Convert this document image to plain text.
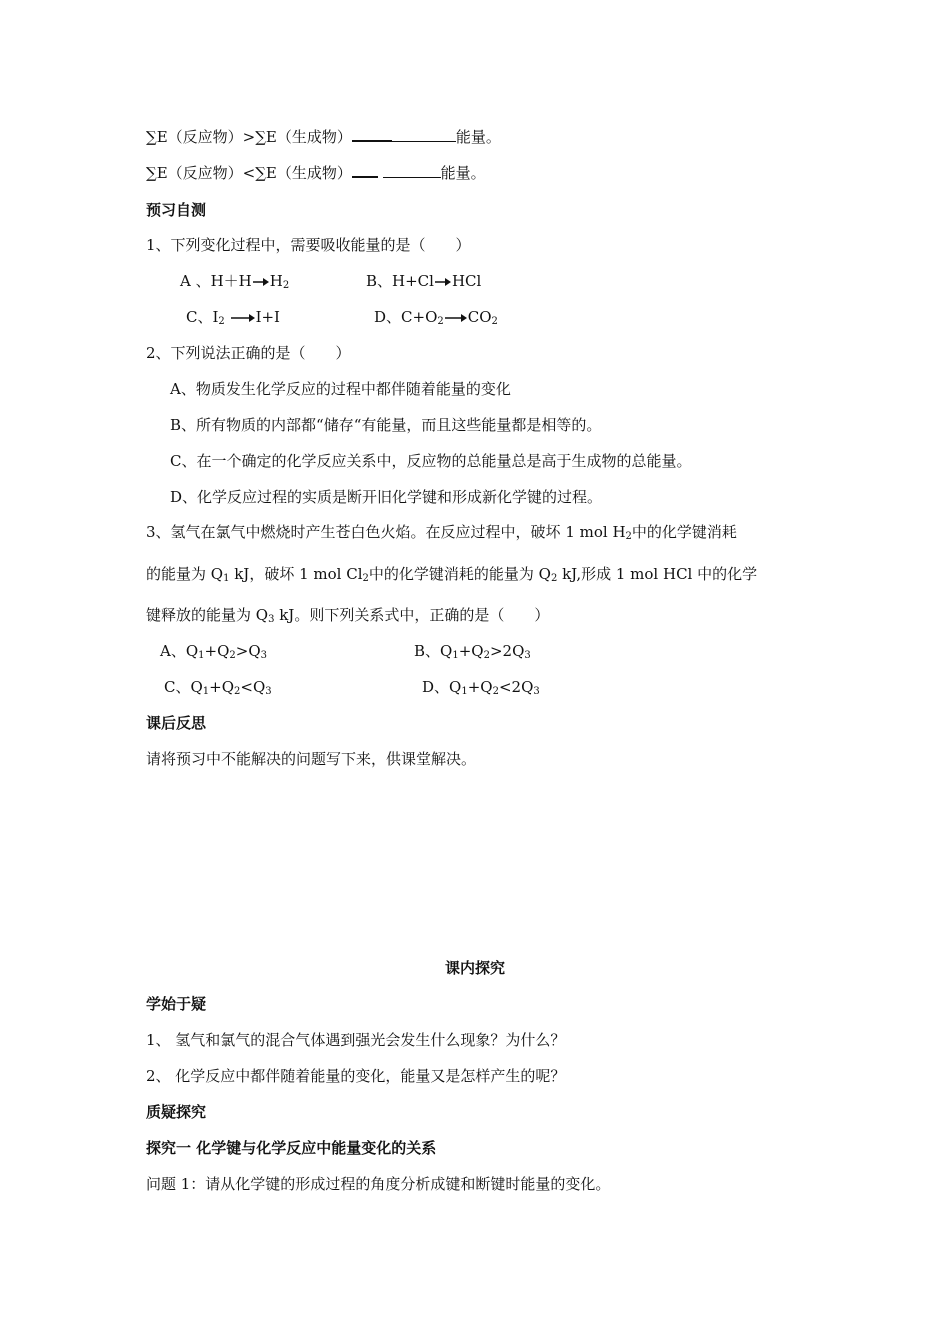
∑E（反应物）>∑E（生成物）	能量。
∑E（反应物）<∑E（生成物）	能量。
预习自测
1、下列变化过程中，需要吸收能量的是（　　）
A 、$H+H\to H_2$	B、H+Cl→HCl
C、$I_2 \to I+I$	D、$C+O_2\to CO_2$
2、下列说法正确的是（　　）
A、物质发生化学反应的过程中都伴随着能量的变化
B、所有物质的内部都“储存“有能量，而且这些能量都是相等的。
C、在一个确定的化学反应关系中，反应物的总能量总是高于生成物的总能量。
D、化学反应过程的实质是断开旧化学键和形成新化学键的过程。
3、氢气在氯气中燃烧时产生苍白色火焰。在反应过程中，破坏 1 mol $H_2$中的化学键消耗
的能量为 $Q_1$ kJ，破坏 1 mol $Cl_2$中的化学键消耗的能量为 $Q_2$ kJ,形成 1 mol HCl 中的化学
键释放的能量为 $Q_3$ kJ。则下列关系式中，正确的是（　　）
A、$Q_1+Q_2>Q_3$	B、$Q_1+Q_2>2Q_3$
C、$Q_1+Q_2<Q_3$	D、$Q_1+Q_2<2Q_3$
课后反思
请将预习中不能解决的问题写下来，供课堂解决。
课内探究
学始于疑
1、 氢气和氯气的混合气体遇到强光会发生什么现象？为什么？
2、 化学反应中都伴随着能量的变化，能量又是怎样产生的呢？
质疑探究
探究一 化学键与化学反应中能量变化的关系
问题 1：请从化学键的形成过程的角度分析成键和断键时能量的变化。
